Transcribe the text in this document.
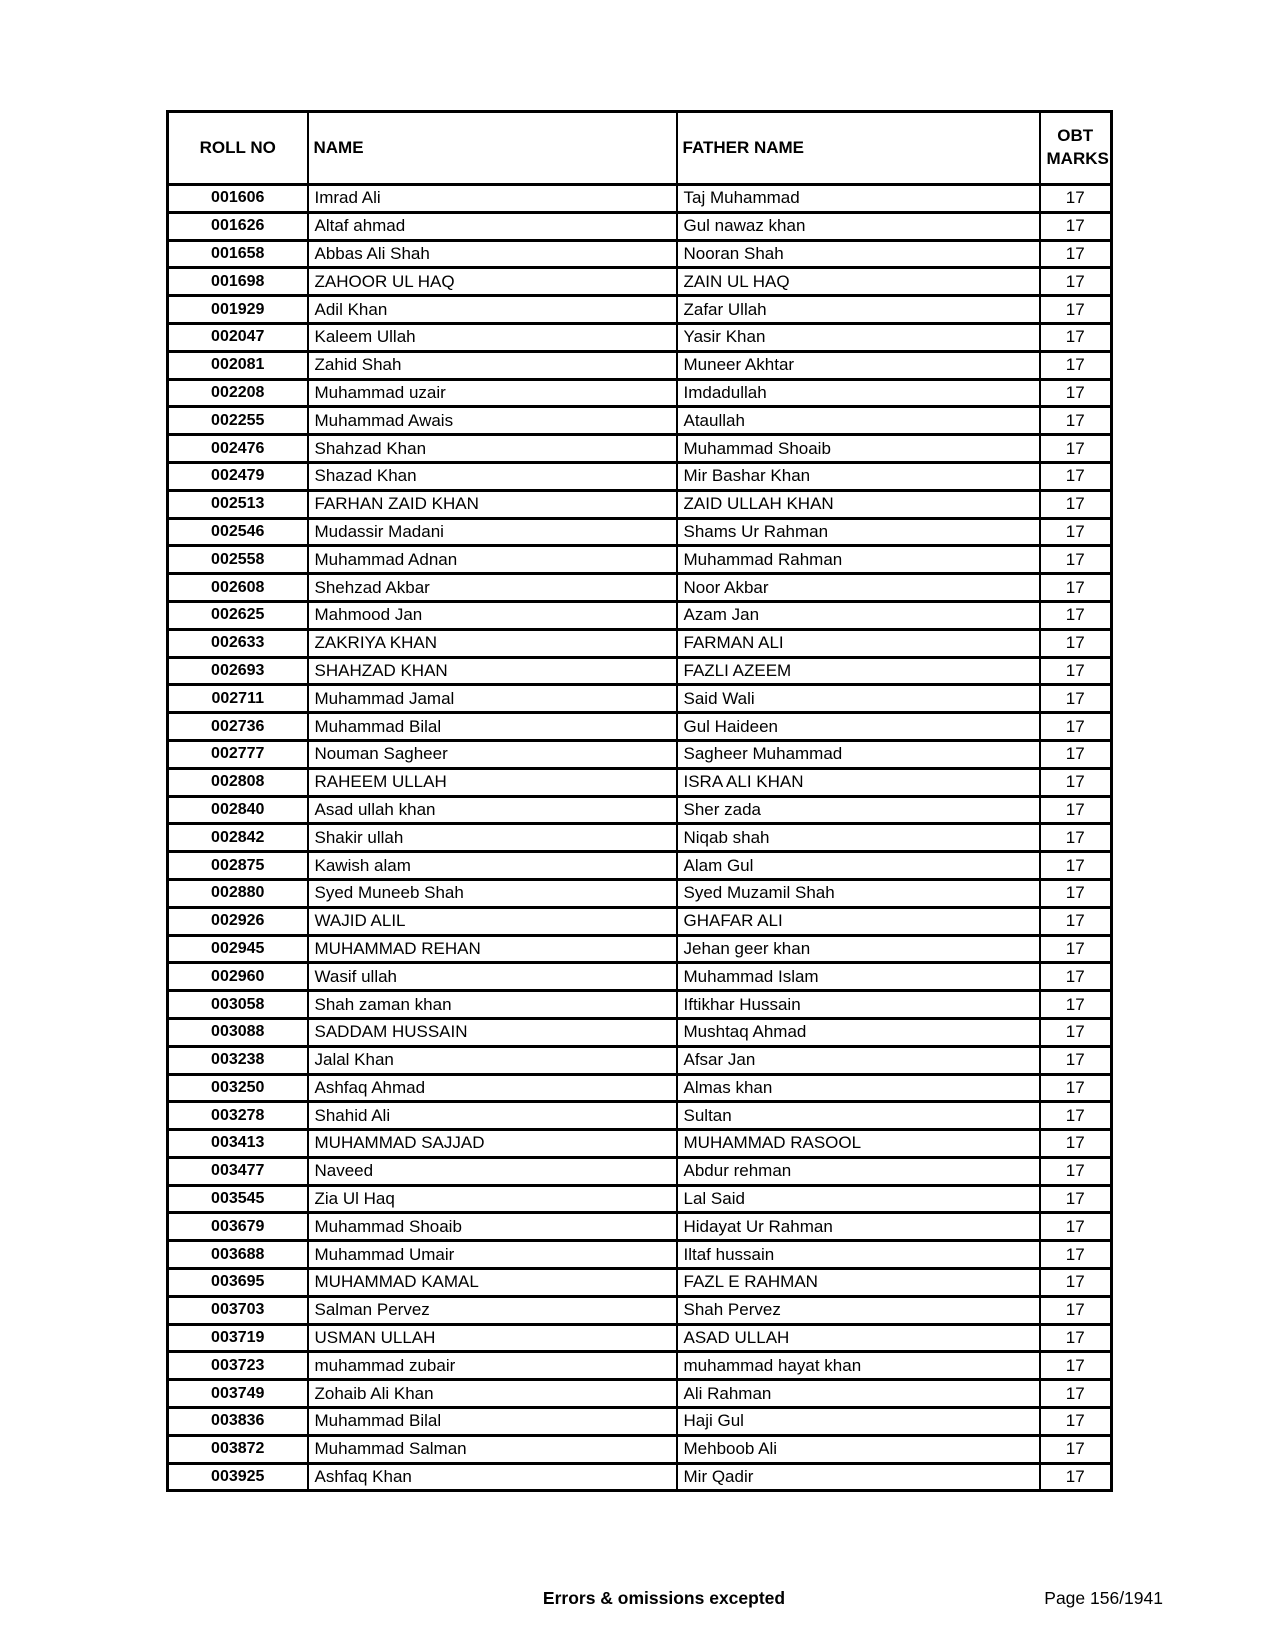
ROLL NO	NAME	FATHER NAME	OBT MARKS
001606	Imrad Ali	Taj Muhammad	17
001626	Altaf ahmad	Gul nawaz khan	17
001658	Abbas Ali Shah	Nooran Shah	17
001698	ZAHOOR UL HAQ	ZAIN UL HAQ	17
001929	Adil Khan	Zafar Ullah	17
002047	Kaleem Ullah	Yasir Khan	17
002081	Zahid Shah	Muneer Akhtar	17
002208	Muhammad uzair	Imdadullah	17
002255	Muhammad Awais	Ataullah	17
002476	Shahzad Khan	Muhammad Shoaib	17
002479	Shazad Khan	Mir Bashar Khan	17
002513	FARHAN ZAID KHAN	ZAID ULLAH KHAN	17
002546	Mudassir Madani	Shams Ur Rahman	17
002558	Muhammad Adnan	Muhammad Rahman	17
002608	Shehzad Akbar	Noor Akbar	17
002625	Mahmood Jan	Azam Jan	17
002633	ZAKRIYA KHAN	FARMAN ALI	17
002693	SHAHZAD KHAN	FAZLI AZEEM	17
002711	Muhammad Jamal	Said Wali	17
002736	Muhammad Bilal	Gul Haideen	17
002777	Nouman Sagheer	Sagheer Muhammad	17
002808	RAHEEM ULLAH	ISRA ALI KHAN	17
002840	Asad ullah khan	Sher zada	17
002842	Shakir ullah	Niqab shah	17
002875	Kawish alam	Alam Gul	17
002880	Syed Muneeb Shah	Syed Muzamil Shah	17
002926	WAJID ALIL	GHAFAR ALI	17
002945	MUHAMMAD REHAN	Jehan geer khan	17
002960	Wasif ullah	Muhammad Islam	17
003058	Shah zaman khan	Iftikhar Hussain	17
003088	SADDAM HUSSAIN	Mushtaq Ahmad	17
003238	Jalal Khan	Afsar Jan	17
003250	Ashfaq Ahmad	Almas khan	17
003278	Shahid Ali	Sultan	17
003413	MUHAMMAD SAJJAD	MUHAMMAD RASOOL	17
003477	Naveed	Abdur rehman	17
003545	Zia Ul Haq	Lal Said	17
003679	Muhammad Shoaib	Hidayat Ur Rahman	17
003688	Muhammad Umair	Iltaf hussain	17
003695	MUHAMMAD KAMAL	FAZL E RAHMAN	17
003703	Salman Pervez	Shah Pervez	17
003719	USMAN ULLAH	ASAD ULLAH	17
003723	muhammad zubair	muhammad hayat khan	17
003749	Zohaib Ali Khan	Ali Rahman	17
003836	Muhammad Bilal	Haji Gul	17
003872	Muhammad Salman	Mehboob Ali	17
003925	Ashfaq Khan	Mir Qadir	17
Errors & omissions excepted	Page 156/1941
